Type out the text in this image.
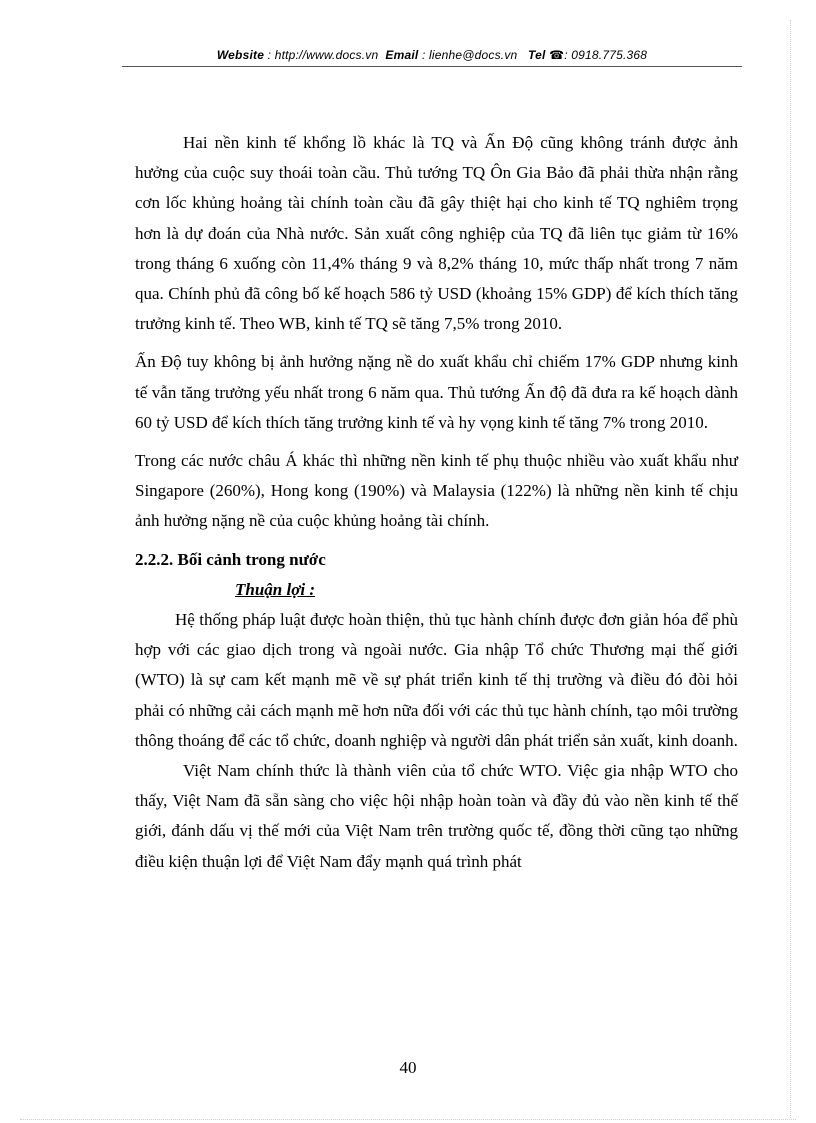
Website : http://www.docs.vn Email : lienhe@docs.vn Tel ☎: 0918.775.368

Hai nền kinh tế khổng lồ khác là TQ và Ấn Độ cũng không tránh được ảnh hưởng của cuộc suy thoái toàn cầu. Thủ tướng TQ Ôn Gia Bảo đã phải thừa nhận rằng cơn lốc khủng hoảng tài chính toàn cầu đã gây thiệt hại cho kinh tế TQ nghiêm trọng hơn là dự đoán của Nhà nước. Sản xuất công nghiệp của TQ đã liên tục giảm từ 16% trong tháng 6 xuống còn 11,4% tháng 9 và 8,2% tháng 10, mức thấp nhất trong 7 năm qua. Chính phủ đã công bố kế hoạch 586 tỷ USD (khoảng 15% GDP) để kích thích tăng trưởng kinh tế. Theo WB, kinh tế TQ sẽ tăng 7,5% trong 2010.

Ấn Độ tuy không bị ảnh hưởng nặng nề do xuất khẩu chỉ chiếm 17% GDP nhưng kinh tế vẫn tăng trưởng yếu nhất trong 6 năm qua. Thủ tướng Ấn độ đã đưa ra kế hoạch dành 60 tỷ USD để kích thích tăng trưởng kinh tế và hy vọng kinh tế tăng 7% trong 2010.

Trong các nước châu Á khác thì những nền kinh tế phụ thuộc nhiều vào xuất khẩu như Singapore (260%), Hong kong (190%) và Malaysia (122%) là những nền kinh tế chịu ảnh hưởng nặng nề của cuộc khủng hoảng tài chính.

2.2.2. Bối cảnh trong nước

Thuận lợi :

Hệ thống pháp luật được hoàn thiện, thủ tục hành chính được đơn giản hóa để phù hợp với các giao dịch trong và ngoài nước. Gia nhập Tổ chức Thương mại thế giới (WTO) là sự cam kết mạnh mẽ về sự phát triển kinh tế thị trường và điều đó đòi hỏi phải có những cải cách mạnh mẽ hơn nữa đối với các thủ tục hành chính, tạo môi trường thông thoáng để các tổ chức, doanh nghiệp và người dân phát triển sản xuất, kinh doanh.

Việt Nam chính thức là thành viên của tổ chức WTO. Việc gia nhập WTO cho thấy, Việt Nam đã sẵn sàng cho việc hội nhập hoàn toàn và đầy đủ vào nền kinh tế thế giới, đánh dấu vị thế mới của Việt Nam trên trường quốc tế, đồng thời cũng tạo những điều kiện thuận lợi để Việt Nam đẩy mạnh quá trình phát

40
